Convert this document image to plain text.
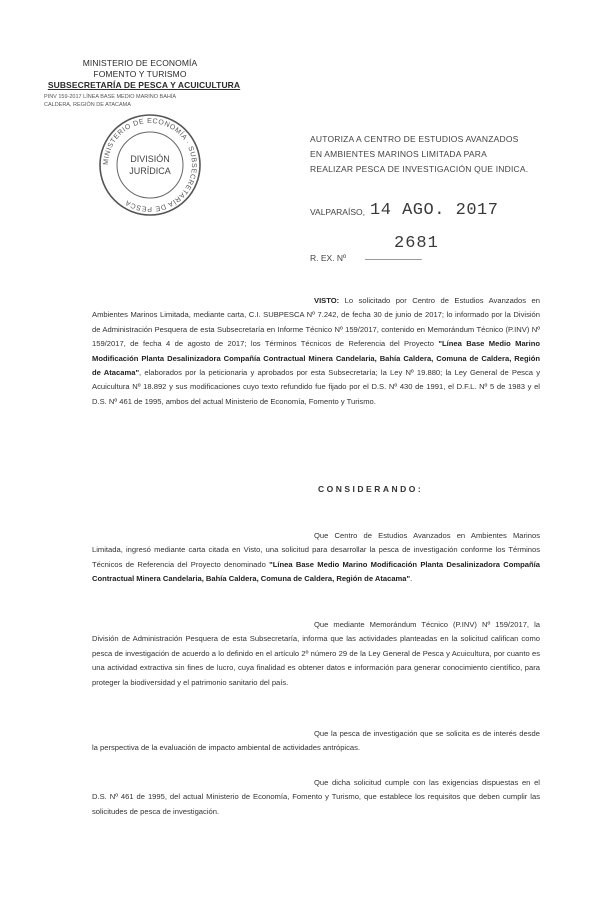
MINISTERIO DE ECONOMÍA
FOMENTO Y TURISMO
SUBSECRETARÍA DE PESCA Y ACUICULTURA
PINV 159-2017 LÍNEA BASE MEDIO MARINO BAHÍA
CALDERA, REGIÓN DE ATACAMA
MINISTERIO DE ECONOMÍA · SUBSECRETARÍA DE PESCA
DIVISIÓN
JURÍDICA
AUTORIZA A CENTRO DE ESTUDIOS AVANZADOS
EN AMBIENTES MARINOS LIMITADA PARA
REALIZAR PESCA DE INVESTIGACIÓN QUE INDICA.
VALPARAÍSO, 14 AGO. 2017
2681
R. EX. Nº ____________
VISTO: Lo solicitado por Centro de Estudios Avanzados en Ambientes Marinos Limitada, mediante carta, C.I. SUBPESCA Nº 7.242, de fecha 30 de junio de 2017; lo informado por la División de Administración Pesquera de esta Subsecretaría en Informe Técnico Nº 159/2017, contenido en Memorándum Técnico (P.INV) Nº 159/2017, de fecha 4 de agosto de 2017; los Términos Técnicos de Referencia del Proyecto "Línea Base Medio Marino Modificación Planta Desalinizadora Compañía Contractual Minera Candelaria, Bahía Caldera, Comuna de Caldera, Región de Atacama", elaborados por la peticionaria y aprobados por esta Subsecretaría; la Ley Nº 19.880; la Ley General de Pesca y Acuicultura Nº 18.892 y sus modificaciones cuyo texto refundido fue fijado por el D.S. Nº 430 de 1991, el D.F.L. Nº 5 de 1983 y el D.S. Nº 461 de 1995, ambos del actual Ministerio de Economía, Fomento y Turismo.
CONSIDERANDO:
Que Centro de Estudios Avanzados en Ambientes Marinos Limitada, ingresó mediante carta citada en Visto, una solicitud para desarrollar la pesca de investigación conforme los Términos Técnicos de Referencia del Proyecto denominado "Línea Base Medio Marino Modificación Planta Desalinizadora Compañía Contractual Minera Candelaria, Bahía Caldera, Comuna de Caldera, Región de Atacama".
Que mediante Memorándum Técnico (P.INV) Nº 159/2017, la División de Administración Pesquera de esta Subsecretaría, informa que las actividades planteadas en la solicitud califican como pesca de investigación de acuerdo a lo definido en el artículo 2º número 29 de la Ley General de Pesca y Acuicultura, por cuanto es una actividad extractiva sin fines de lucro, cuya finalidad es obtener datos e información para generar conocimiento científico, para proteger la biodiversidad y el patrimonio sanitario del país.
Que la pesca de investigación que se solicita es de interés desde la perspectiva de la evaluación de impacto ambiental de actividades antrópicas.
Que dicha solicitud cumple con las exigencias dispuestas en el D.S. Nº 461 de 1995, del actual Ministerio de Economía, Fomento y Turismo, que establece los requisitos que deben cumplir las solicitudes de pesca de investigación.
